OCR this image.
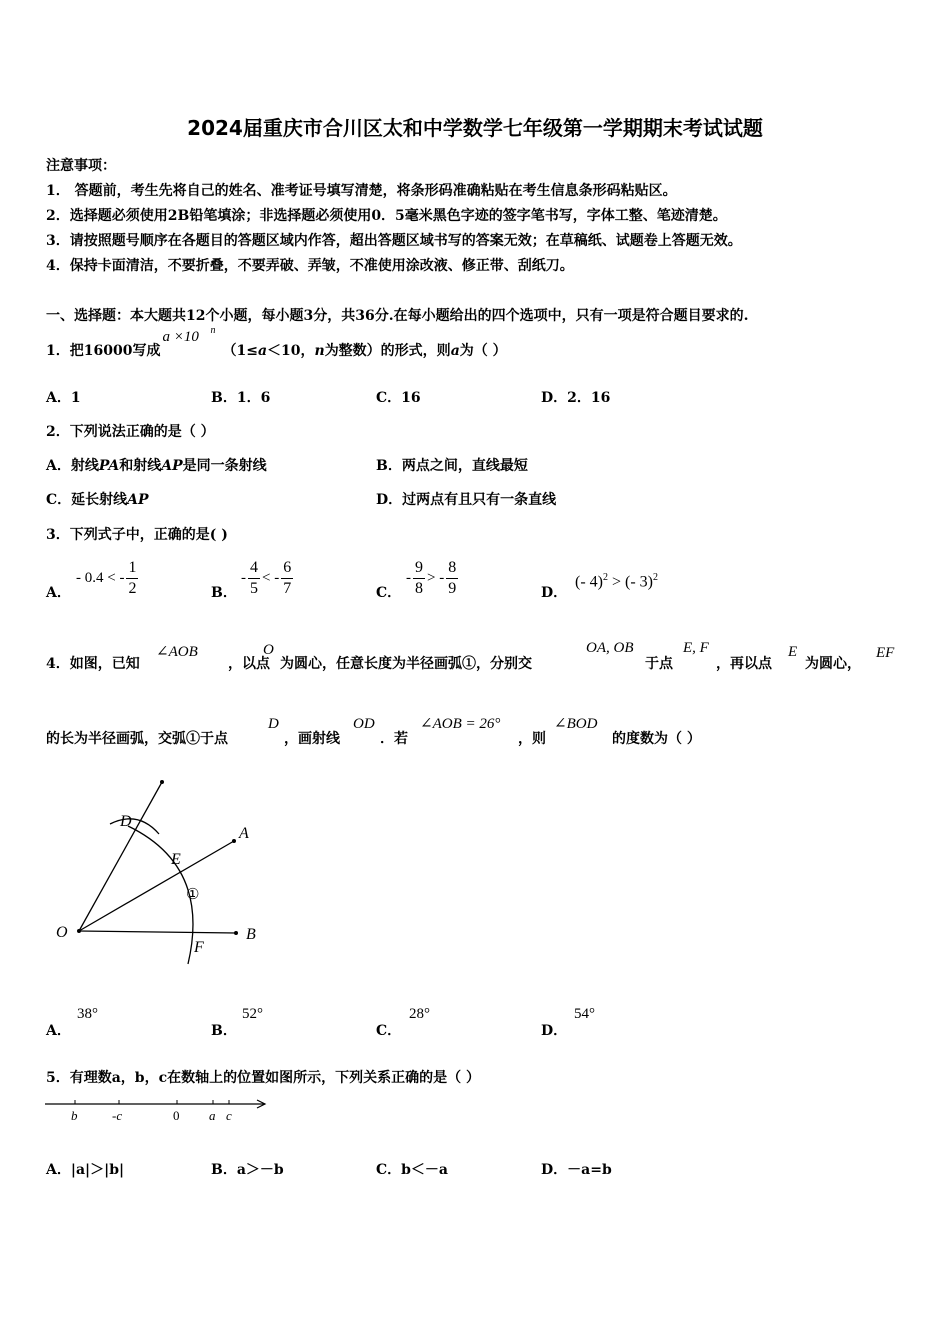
2024届重庆市合川区太和中学数学七年级第一学期期末考试试题
注意事项：
1． 答题前，考生先将自己的姓名、准考证号填写清楚，将条形码准确粘贴在考生信息条形码粘贴区。
2．选择题必须使用2B铅笔填涂；非选择题必须使用0．5毫米黑色字迹的签字笔书写，字体工整、笔迹清楚。
3．请按照题号顺序在各题目的答题区域内作答，超出答题区域书写的答案无效；在草稿纸、试题卷上答题无效。
4．保持卡面清洁，不要折叠，不要弄破、弄皱，不准使用涂改液、修正带、刮纸刀。
一、选择题：本大题共12个小题，每小题3分，共36分.在每小题给出的四个选项中，只有一项是符合题目要求的.
1．把16000写成
a ×10 n
（1≤a＜10，n为整数）的形式，则a为（ ）
A．1	B．1．6	C．16	D．2．16
2．下列说法正确的是（ ）
A．射线PA和射线AP是同一条射线	B．两点之间，直线最短
C．延长射线AP	D．过两点有且只有一条直线
3．下列式子中，正确的是( )
A．
- 0.4 < - $\frac{1}{2}$	B．
- $\frac{4}{5}$ < - $\frac{6}{7}$	C．
- $\frac{9}{8}$ > - $\frac{8}{9}$	D．
(- 4)$^2$ > (- 3)$^2$
4．如图，已知
∠AOB
，以点
O
为圆心，任意长度为半径画弧①，分别交
OA, OB
于点
E, F
，再以点
E
为圆心，
EF
的长为半径画弧，交弧①于点
D
，画射线
OD
．若
∠AOB = 26°
，则
∠BOD
的度数为（ ）
D
A
E
①
O	B
F
A．
38°
B．
52°
C．
28°
D．
54°
5．有理数a，b，c在数轴上的位置如图所示，下列关系正确的是（ ）
b	-c	0 a c
A．|a|＞|b|	B．a＞－b	C．b＜－a	D．－a=b
